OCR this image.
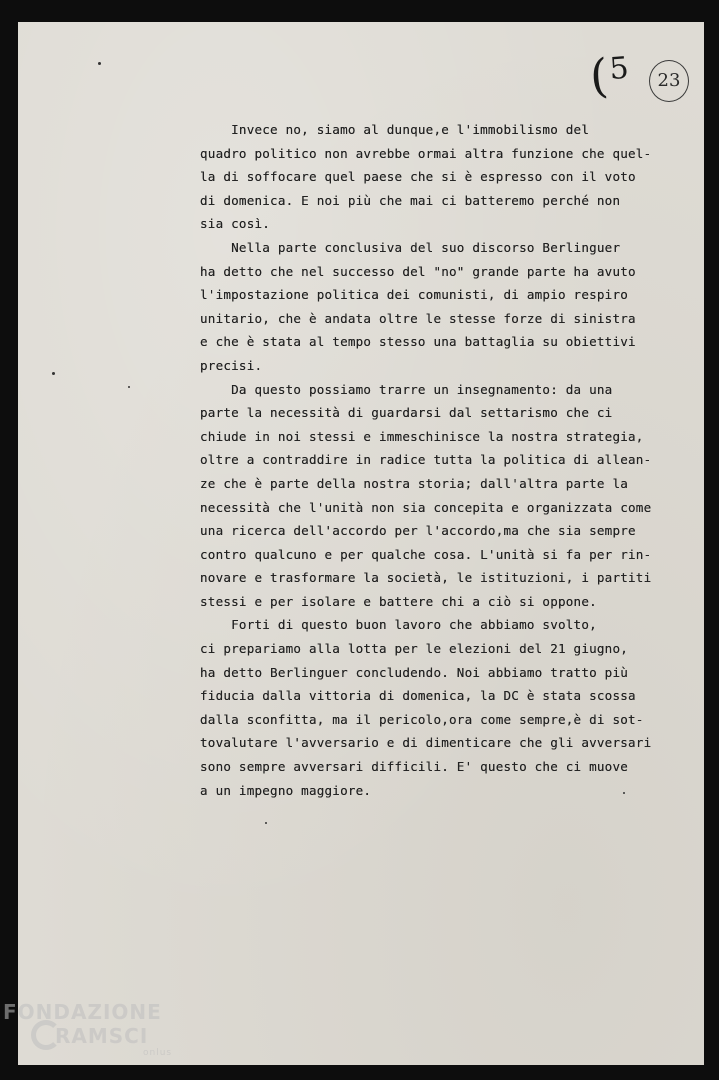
(5	23
Invece no, siamo al dunque,e l'immobilismo del
quadro politico non avrebbe ormai altra funzione che quel-
la di soffocare quel paese che si è espresso con il voto
di domenica. E noi più che mai ci batteremo perché non
sia così.
Nella parte conclusiva del suo discorso Berlinguer
ha detto che nel successo del "no" grande parte ha avuto
l'impostazione politica dei comunisti, di ampio respiro
unitario, che è andata oltre le stesse forze di sinistra
e che è stata al tempo stesso una battaglia su obiettivi
precisi.
Da questo possiamo trarre un insegnamento: da una
parte la necessità di guardarsi dal settarismo che ci
chiude in noi stessi e immeschinisce la nostra strategia,
oltre a contraddire in radice tutta la politica di allean-
ze che è parte della nostra storia; dall'altra parte la
necessità che l'unità non sia concepita e organizzata come
una ricerca dell'accordo per l'accordo,ma che sia sempre
contro qualcuno e per qualche cosa. L'unità si fa per rin-
novare e trasformare la società, le istituzioni, i partiti
stessi e per isolare e battere chi a ciò si oppone.
Forti di questo buon lavoro che abbiamo svolto,
ci prepariamo alla lotta per le elezioni del 21 giugno,
ha detto Berlinguer concludendo. Noi abbiamo tratto più
fiducia dalla vittoria di domenica, la DC è stata scossa
dalla sconfitta, ma il pericolo,ora come sempre,è di sot-
tovalutare l'avversario e di dimenticare che gli avversari
sono sempre avversari difficili. E' questo che ci muove
a un impegno maggiore.
FONDAZIONE
RAMSCI
onlus
